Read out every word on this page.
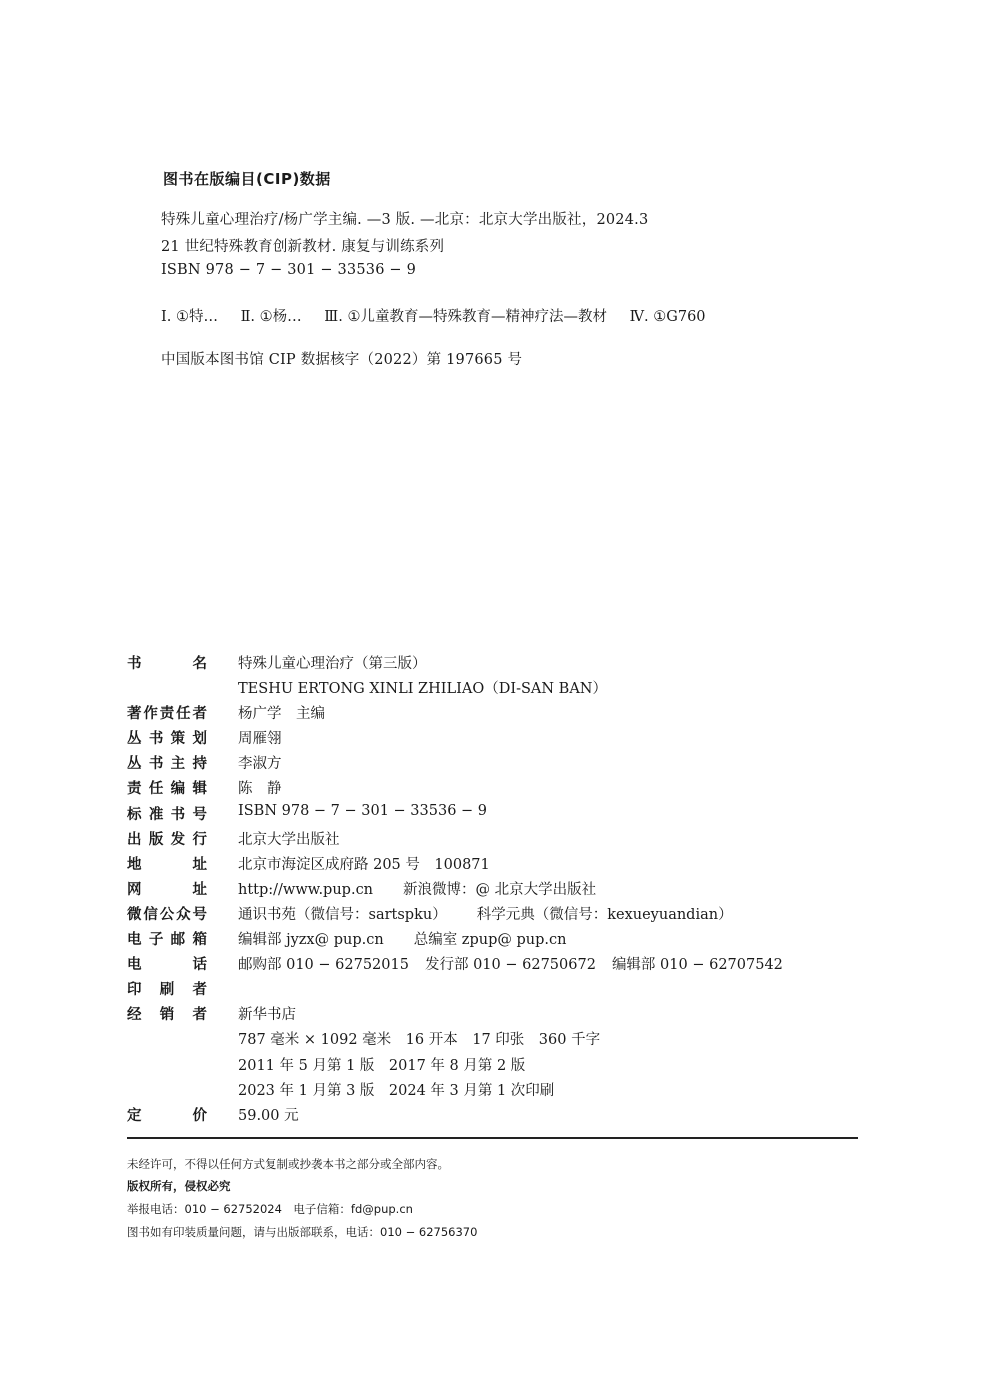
图书在版编目(CIP)数据
特殊儿童心理治疗/杨广学主编. —3 版. —北京：北京大学出版社，2024.3
21 世纪特殊教育创新教材. 康复与训练系列
ISBN 978 − 7 − 301 − 33536 − 9
Ⅰ. ①特… Ⅱ. ①杨… Ⅲ. ①儿童教育—特殊教育—精神疗法—教材 Ⅳ. ①G760
中国版本图书馆 CIP 数据核字（2022）第 197665 号
书名 特殊儿童心理治疗（第三版）
TESHU ERTONG XINLI ZHILIAO（DI-SAN BAN）
著作责任者 杨广学　主编
丛书策划 周雁翎
丛书主持 李淑方
责任编辑 陈　静
标准书号 ISBN 978 − 7 − 301 − 33536 − 9
出版发行 北京大学出版社
地址 北京市海淀区成府路 205 号　100871
网址 http://www.pup.cn 新浪微博：@ 北京大学出版社
微信公众号 通识书苑（微信号：sartspku） 科学元典（微信号：kexueyuandian）
电子邮箱 编辑部 jyzx@ pup.cn 总编室 zpup@ pup.cn
电话 邮购部 010 − 62752015 发行部 010 − 62750672 编辑部 010 − 62707542
印刷者
经销者 新华书店
787 毫米 × 1092 毫米　16 开本　17 印张　360 千字
2011 年 5 月第 1 版　2017 年 8 月第 2 版
2023 年 1 月第 3 版　2024 年 3 月第 1 次印刷
定价 59.00 元
未经许可，不得以任何方式复制或抄袭本书之部分或全部内容。
版权所有，侵权必究
举报电话：010 − 62752024　电子信箱：fd@pup.cn
图书如有印装质量问题，请与出版部联系，电话：010 − 62756370
